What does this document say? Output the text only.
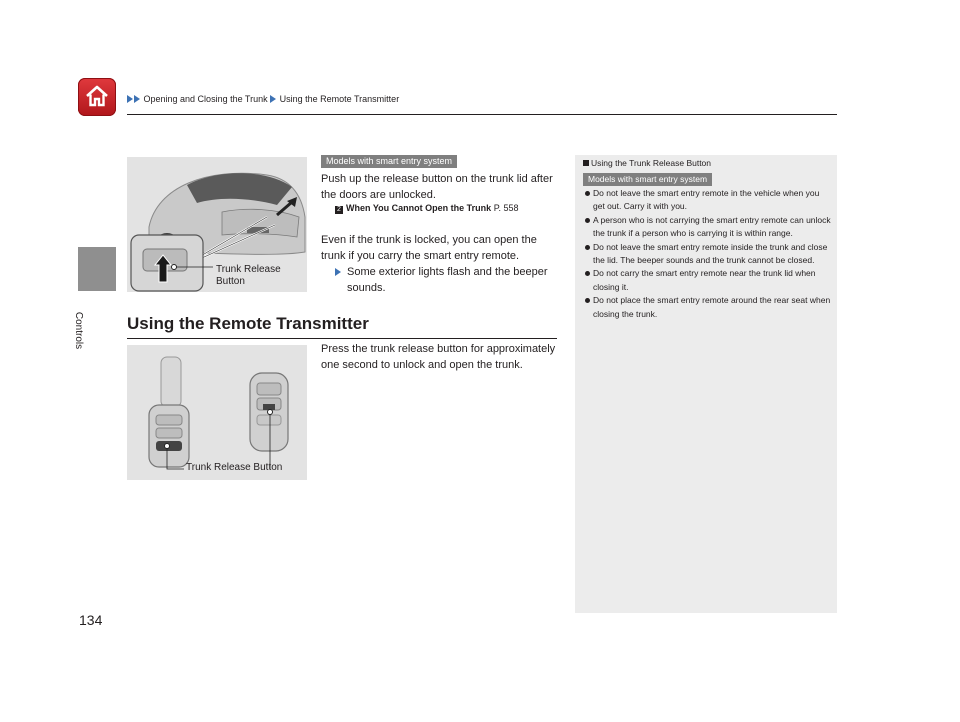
Opening and Closing the Trunk Using the Remote Transmitter
Controls
134
Trunk Release
Button
Models with smart entry system
Push up the release button on the trunk lid after the doors are unlocked.
2 When You Cannot Open the Trunk P. 558
Even if the trunk is locked, you can open the trunk if you carry the smart entry remote.
Some exterior lights flash and the beeper sounds.
Using the Remote Transmitter
Trunk Release Button
Press the trunk release button for approximately one second to unlock and open the trunk.
Using the Trunk Release Button
Models with smart entry system
Do not leave the smart entry remote in the vehicle when you get out. Carry it with you.
A person who is not carrying the smart entry remote can unlock the trunk if a person who is carrying it is within range.
Do not leave the smart entry remote inside the trunk and close the lid. The beeper sounds and the trunk cannot be closed.
Do not carry the smart entry remote near the trunk lid when closing it.
Do not place the smart entry remote around the rear seat when closing the trunk.
